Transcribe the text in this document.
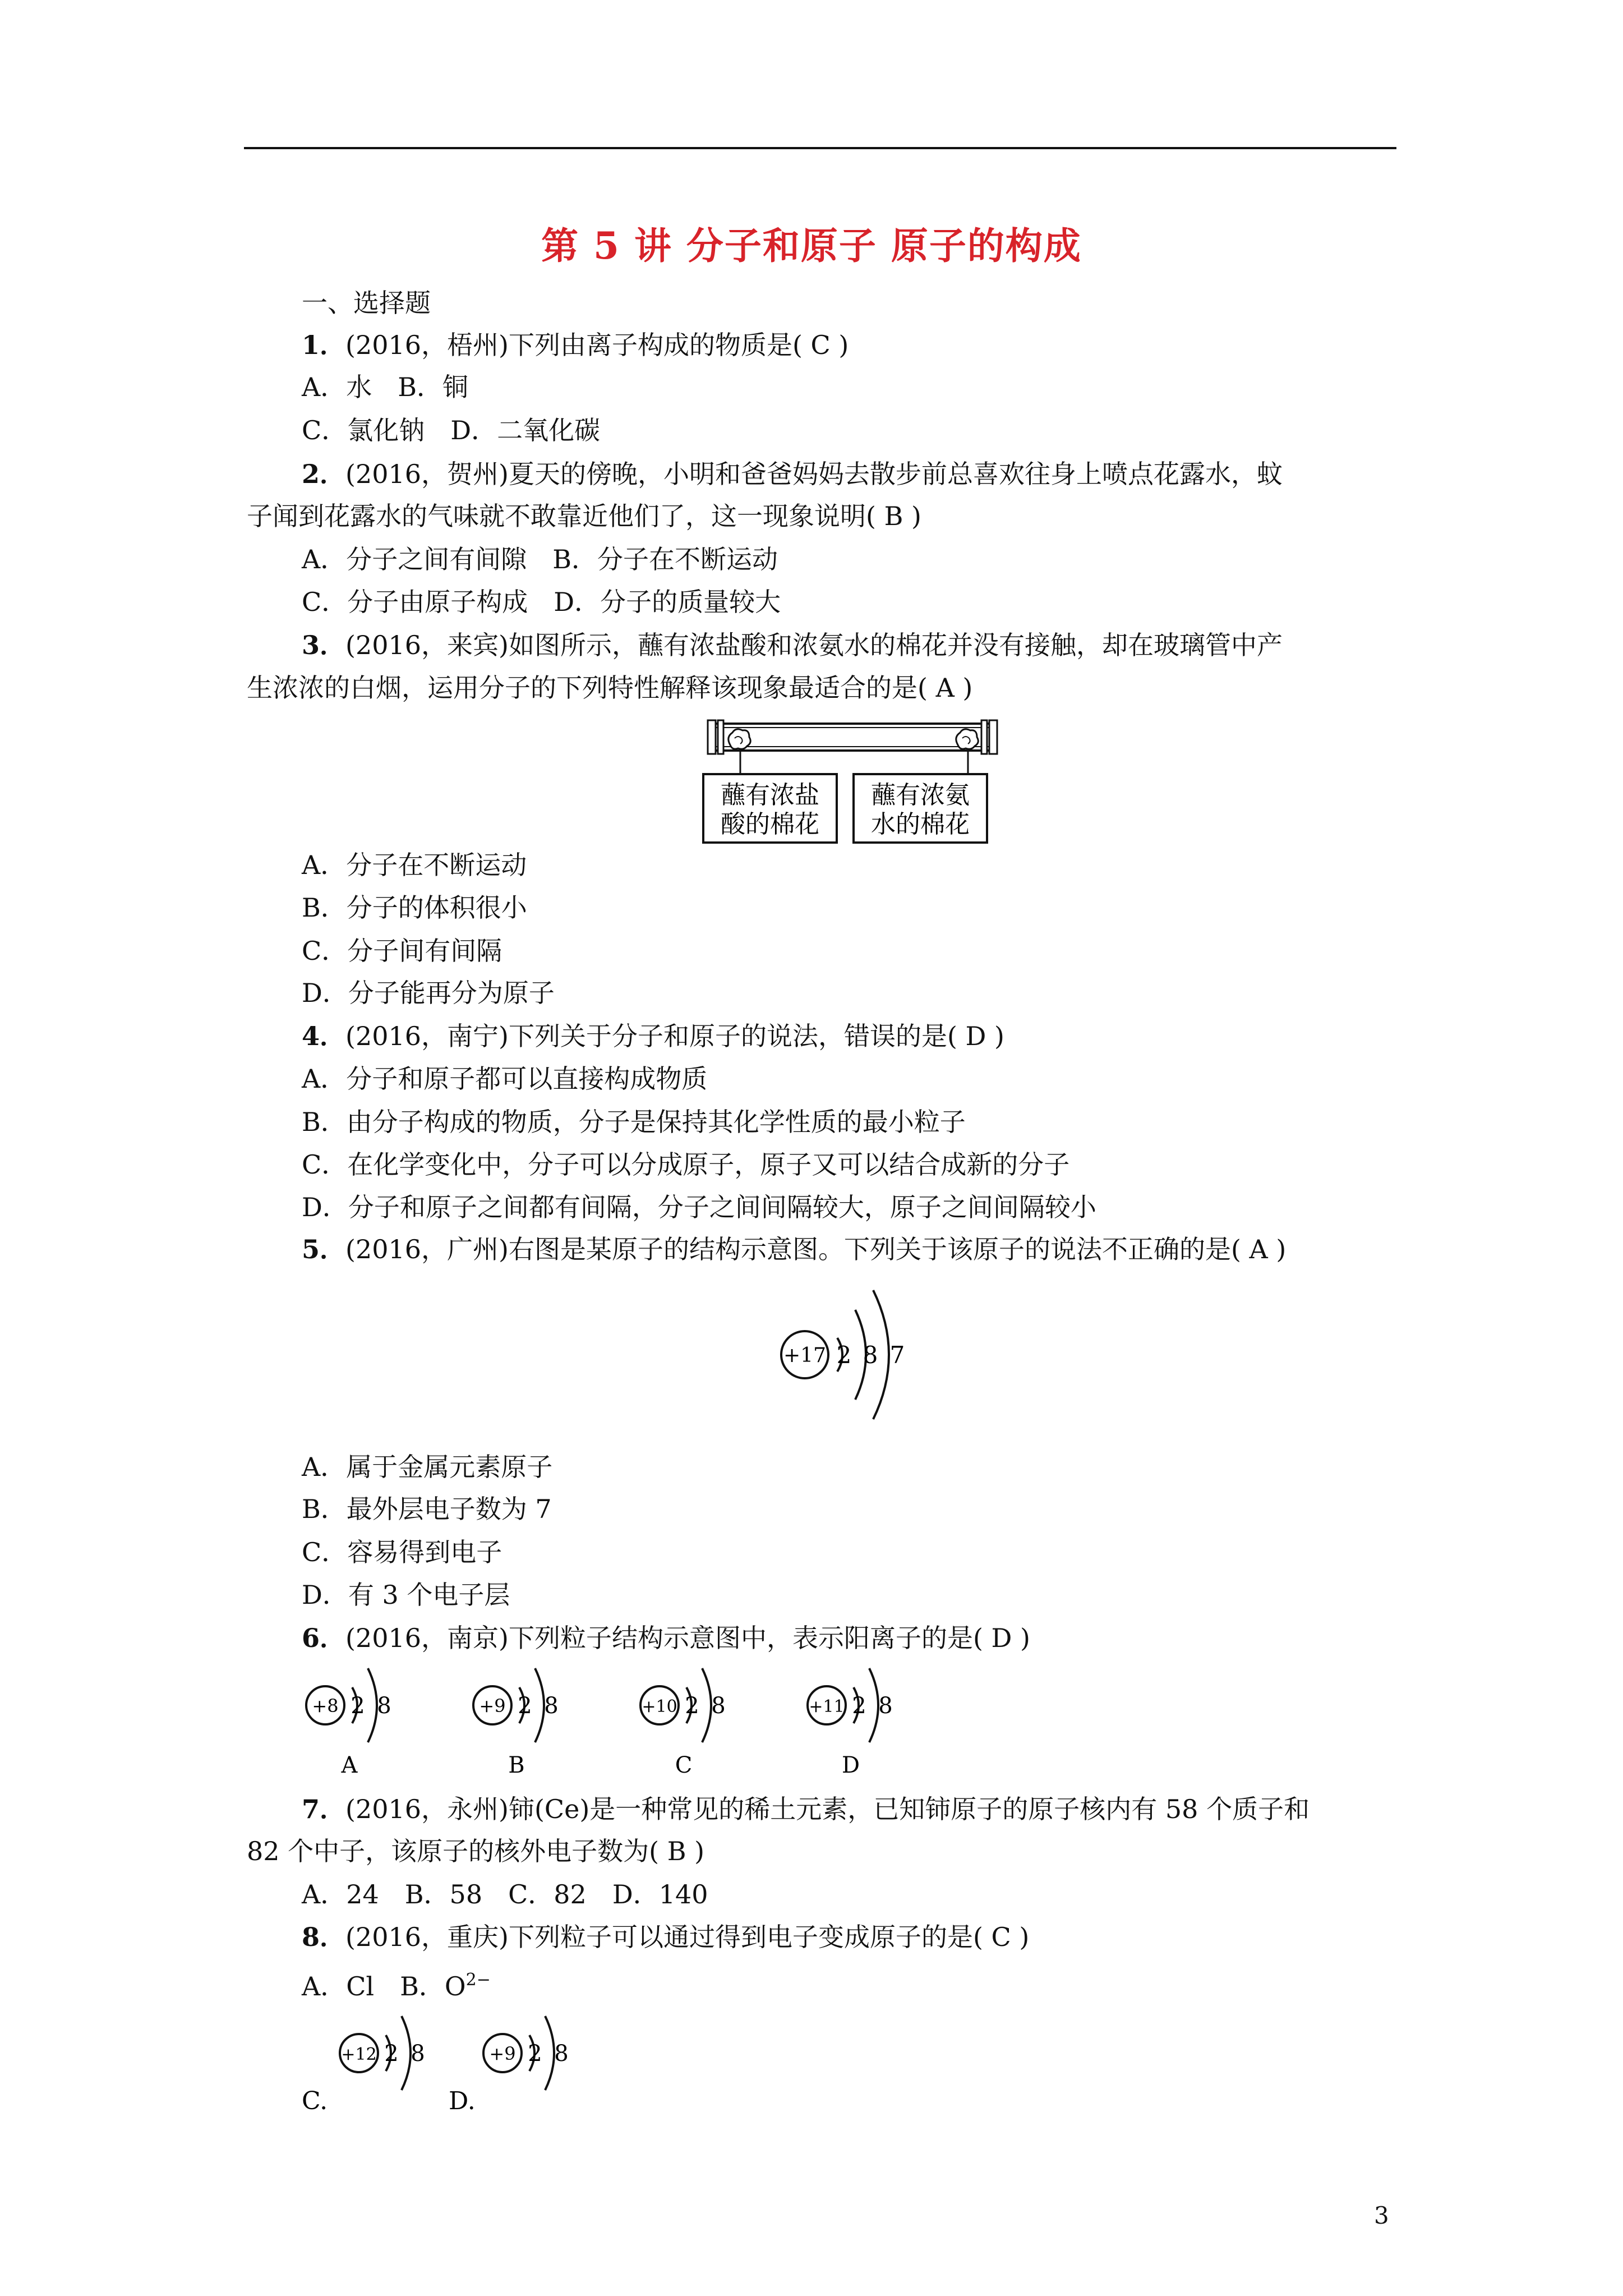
第 5 讲 分子和原子 原子的构成
一、选择题
1．(2016，梧州)下列由离子构成的物质是( C )
A．水　B．铜
C．氯化钠　D．二氧化碳
2．(2016，贺州)夏天的傍晚，小明和爸爸妈妈去散步前总喜欢往身上喷点花露水，蚊
子闻到花露水的气味就不敢靠近他们了，这一现象说明( B )
A．分子之间有间隙　B．分子在不断运动
C．分子由原子构成　D．分子的质量较大
3．(2016，来宾)如图所示，蘸有浓盐酸和浓氨水的棉花并没有接触，却在玻璃管中产
生浓浓的白烟，运用分子的下列特性解释该现象最适合的是( A )
蘸有浓盐
酸的棉花
蘸有浓氨
水的棉花
A．分子在不断运动
B．分子的体积很小
C．分子间有间隔
D．分子能再分为原子
4．(2016，南宁)下列关于分子和原子的说法，错误的是( D )
A．分子和原子都可以直接构成物质
B．由分子构成的物质，分子是保持其化学性质的最小粒子
C．在化学变化中，分子可以分成原子，原子又可以结合成新的分子
D．分子和原子之间都有间隔，分子之间间隔较大，原子之间间隔较小
5．(2016，广州)右图是某原子的结构示意图。下列关于该原子的说法不正确的是( A )
+17 2 8 7
A．属于金属元素原子
B．最外层电子数为 7
C．容易得到电子
D．有 3 个电子层
6．(2016，南京)下列粒子结构示意图中，表示阳离子的是( D )
+8 2 8
A
+9 2 8
B
+10 2 8
C
+11 2 8
D
7．(2016，永州)铈(Ce)是一种常见的稀土元素，已知铈原子的原子核内有 58 个质子和
82 个中子，该原子的核外电子数为( B )
A．24　B．58　C．82　D．140
8．(2016，重庆)下列粒子可以通过得到电子变成原子的是( C )
A．Cl　B．$O^{2-}$
+12 2 8	+9 2 8
C.	D.
3
